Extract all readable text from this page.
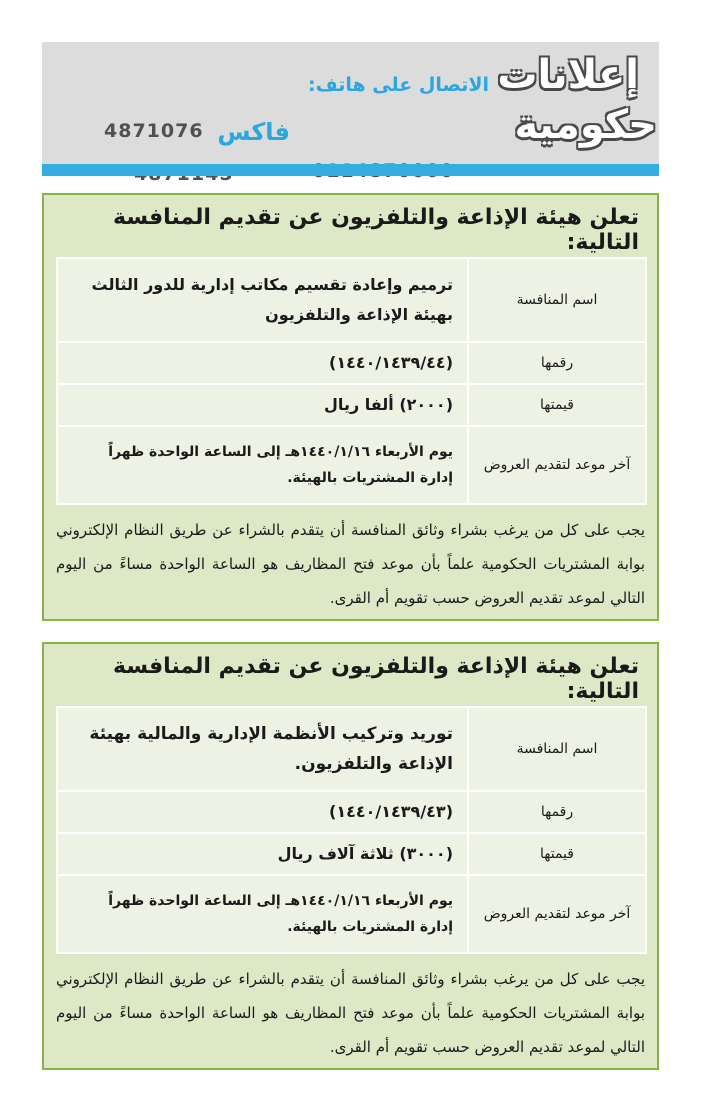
إعلانات
حكومية
الاتصال على هاتف:
فاكس
4871076
تعلن هيئة الإذاعة والتلفزيون عن تقديم المنافسة التالية:
اسم المنافسة	ترميم وإعادة تقسيم مكاتب إدارية للدور الثالث بهيئة الإذاعة والتلفزيون
رقمها	(١٤٤٠/١٤٣٩/٤٤)
قيمتها	(٢٠٠٠) ألفا ريال
آخر موعد لتقديم العروض	يوم الأربعاء ١٤٤٠/١/١٦هـ إلى الساعة الواحدة ظهراً إدارة المشتريات بالهيئة.
يجب على كل من يرغب بشراء وثائق المنافسة أن يتقدم بالشراء عن طريق النظام الإلكتروني بوابة المشتريات الحكومية علماً بأن موعد فتح المظاريف هو الساعة الواحدة مساءً من اليوم التالي لموعد تقديم العروض حسب تقويم أم القرى.
تعلن هيئة الإذاعة والتلفزيون عن تقديم المنافسة التالية:
اسم المنافسة	توريد وتركيب الأنظمة الإدارية والمالية بهيئة الإذاعة والتلفزيون.
رقمها	(١٤٤٠/١٤٣٩/٤٣)
قيمتها	(٣٠٠٠) ثلاثة آلاف ريال
آخر موعد لتقديم العروض	يوم الأربعاء ١٤٤٠/١/١٦هـ إلى الساعة الواحدة ظهراً إدارة المشتريات بالهيئة.
يجب على كل من يرغب بشراء وثائق المنافسة أن يتقدم بالشراء عن طريق النظام الإلكتروني بوابة المشتريات الحكومية علماً بأن موعد فتح المظاريف هو الساعة الواحدة مساءً من اليوم التالي لموعد تقديم العروض حسب تقويم أم القرى.
